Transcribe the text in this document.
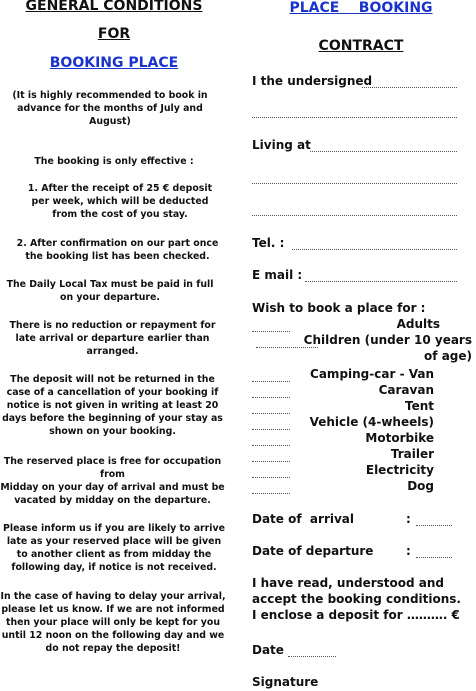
GENERAL CONDITIONS
FOR
BOOKING PLACE
(It is highly recommended to book in advance for the months of July and August)
The booking is only effective :
1. After the receipt of 25 € deposit per week, which will be deducted from the cost of you stay.
2. After confirmation on our part once the booking list has been checked.
The Daily Local Tax must be paid in full on your departure.
There is no reduction or repayment for late arrival or departure earlier than arranged.
The deposit will not be returned in the case of a cancellation of your booking if notice is not given in writing at least 20 days before the beginning of your stay as shown on your booking.
The reserved place is free for occupation from
Midday on your day of arrival and must be vacated by midday on the departure.
Please inform us if you are likely to arrive late as your reserved place will be given to another client as from midday the following day, if notice is not received.
In the case of having to delay your arrival, please let us know. If we are not informed then your place will only be kept for you until 12 noon on the following day and we do not repay the deposit!
PLACE    BOOKING
CONTRACT
I the undersigned
Living at
Tel. :
E mail :
Wish to book a place for :
Adults
Children (under 10 years
of age)
Camping-car - Van
Caravan
Tent
Vehicle (4-wheels)
Motorbike
Trailer
Electricity
Dog
Date of  arrival	:
Date of departure	:
I have read, understood and accept the booking conditions. I enclose a deposit for ………. €
Date
Signature
